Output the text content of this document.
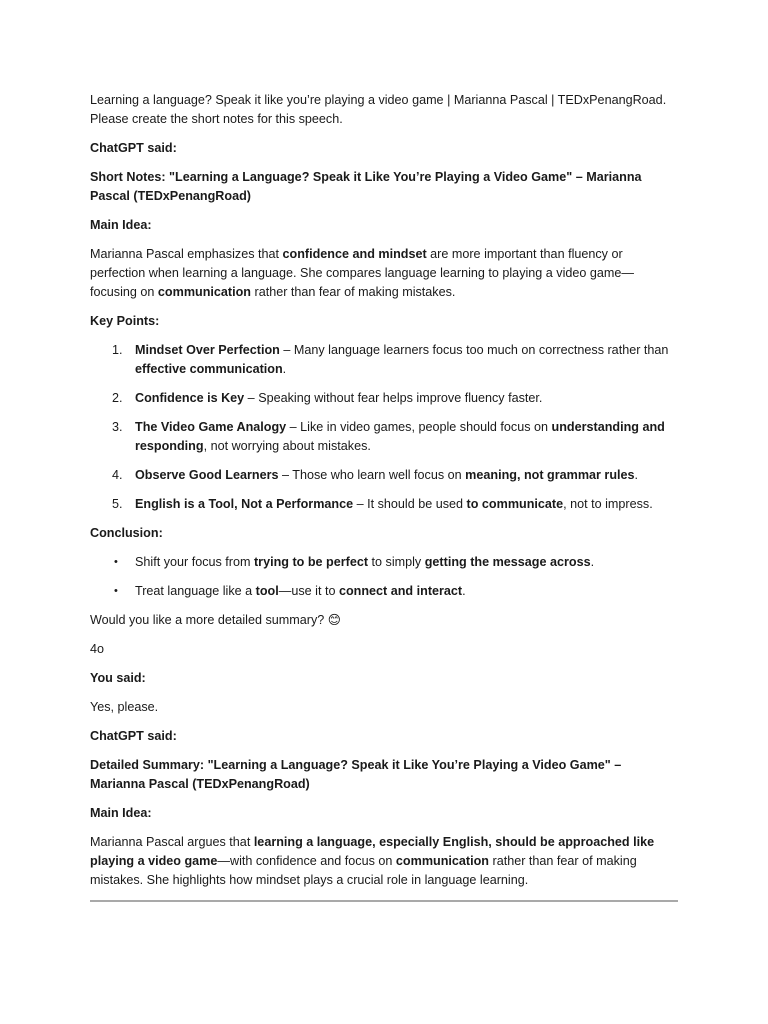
Learning a language? Speak it like you’re playing a video game | Marianna Pascal | TEDxPenangRoad. Please create the short notes for this speech.

ChatGPT said:

Short Notes: "Learning a Language? Speak it Like You’re Playing a Video Game" – Marianna Pascal (TEDxPenangRoad)

Main Idea:

Marianna Pascal emphasizes that confidence and mindset are more important than fluency or perfection when learning a language. She compares language learning to playing a video game—focusing on communication rather than fear of making mistakes.

Key Points:

1. Mindset Over Perfection – Many language learners focus too much on correctness rather than effective communication.
2. Confidence is Key – Speaking without fear helps improve fluency faster.
3. The Video Game Analogy – Like in video games, people should focus on understanding and responding, not worrying about mistakes.
4. Observe Good Learners – Those who learn well focus on meaning, not grammar rules.
5. English is a Tool, Not a Performance – It should be used to communicate, not to impress.

Conclusion:

• Shift your focus from trying to be perfect to simply getting the message across.
• Treat language like a tool—use it to connect and interact.

Would you like a more detailed summary? 😊

4o

You said:

Yes, please.

ChatGPT said:

Detailed Summary: "Learning a Language? Speak it Like You’re Playing a Video Game" – Marianna Pascal (TEDxPenangRoad)

Main Idea:

Marianna Pascal argues that learning a language, especially English, should be approached like playing a video game—with confidence and focus on communication rather than fear of making mistakes. She highlights how mindset plays a crucial role in language learning.
